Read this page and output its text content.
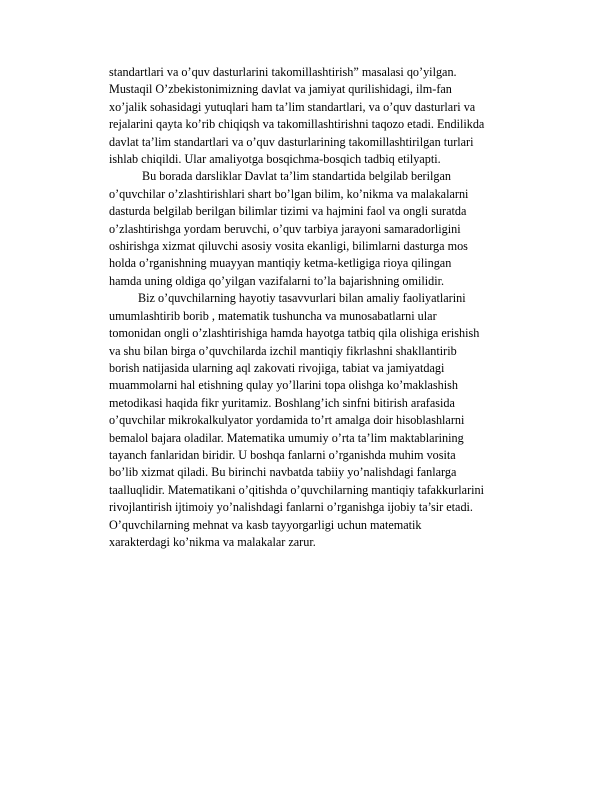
standartlari va o’quv dasturlarini takomillashtirish” masalasi qo’yilgan.
Mustaqil O’zbekistonimizning davlat va jamiyat qurilishidagi, ilm-fan
xo’jalik sohasidagi yutuqlari ham ta’lim standartlari, va o’quv dasturlari va
rejalarini qayta ko’rib chiqiqsh va takomillashtirishni taqozo etadi. Endilikda
davlat ta’lim standartlari va o’quv dasturlarining takomillashtirilgan turlari
ishlab chiqildi. Ular amaliyotga bosqichma-bosqich tadbiq etilyapti.
Bu borada darsliklar Davlat ta’lim standartida belgilab berilgan
o’quvchilar o’zlashtirishlari shart bo’lgan bilim, ko’nikma va malakalarni
dasturda belgilab berilgan bilimlar tizimi va hajmini faol va ongli suratda
o’zlashtirishga yordam beruvchi, o’quv tarbiya jarayoni samaradorligini
oshirishga xizmat qiluvchi asosiy vosita ekanligi, bilimlarni dasturga mos
holda o’rganishning muayyan mantiqiy ketma-ketligiga rioya qilingan
hamda uning oldiga qo’yilgan vazifalarni to’la bajarishning omilidir.
Biz o’quvchilarning hayotiy tasavvurlari bilan amaliy faoliyatlarini
umumlashtirib borib , matematik tushuncha va munosabatlarni ular
tomonidan ongli o’zlashtirishiga hamda hayotga tatbiq qila olishiga erishish
va shu bilan birga o’quvchilarda izchil mantiqiy fikrlashni shakllantirib
borish natijasida ularning aql zakovati rivojiga, tabiat va jamiyatdagi
muammolarni hal etishning qulay yo’llarini topa olishga ko’maklashish
metodikasi haqida fikr yuritamiz. Boshlang’ich sinfni bitirish arafasida
o’quvchilar mikrokalkulyator yordamida to’rt amalga doir hisoblashlarni
bemalol bajara oladilar. Matematika umumiy o’rta ta’lim maktablarining
tayanch fanlaridan biridir. U boshqa fanlarni o’rganishda muhim vosita
bo’lib xizmat qiladi. Bu birinchi navbatda tabiiy yo’nalishdagi fanlarga
taalluqlidir. Matematikani o’qitishda o’quvchilarning mantiqiy tafakkurlarini
rivojlantirish ijtimoiy yo’nalishdagi fanlarni o’rganishga ijobiy ta’sir etadi.
O’quvchilarning mehnat va kasb tayyorgarligi uchun matematik
xarakterdagi ko’nikma va malakalar zarur.
